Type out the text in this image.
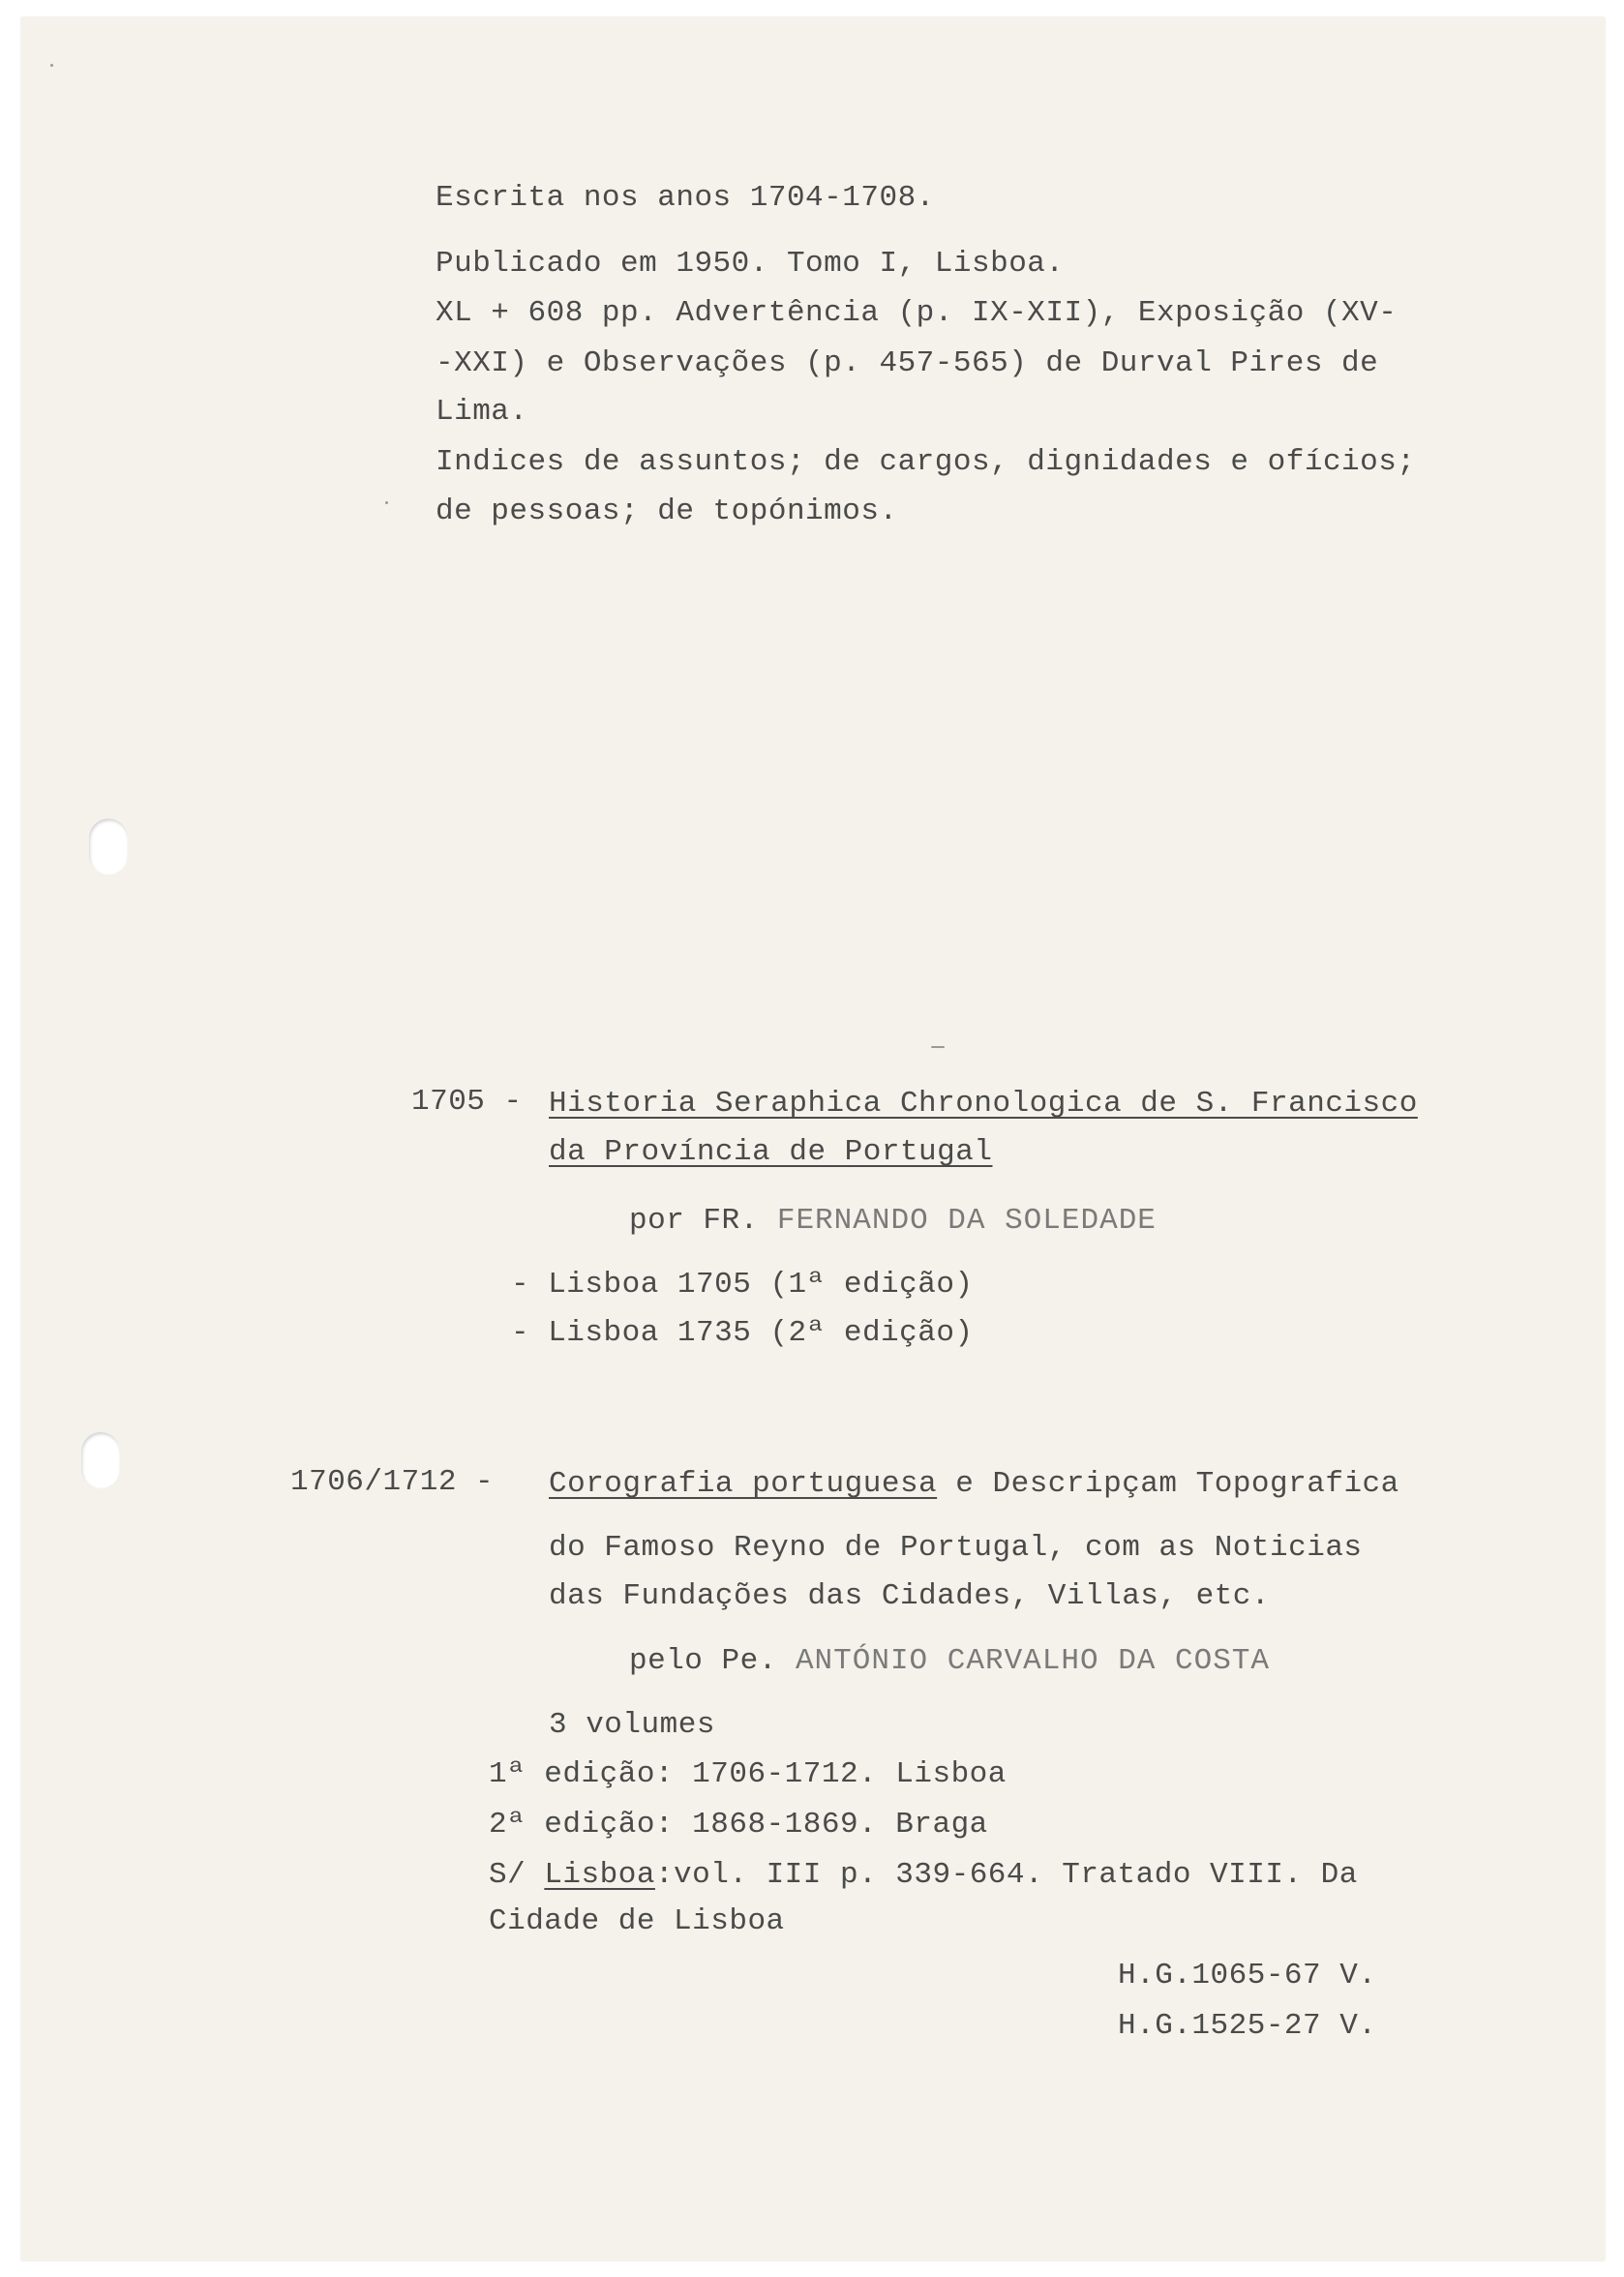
Escrita nos anos 1704-1708.
Publicado em 1950. Tomo I, Lisboa.
XL + 608 pp. Advertência (p. IX-XII), Exposição (XV-
-XXI) e Observações (p. 457-565) de Durval Pires de
Lima.
Indices de assuntos; de cargos, dignidades e ofícios;
de pessoas; de topónimos.
1705 - Historia Seraphica Chronologica de S. Francisco
da Província de Portugal
por FR. FERNANDO DA SOLEDADE
- Lisboa 1705 (1ª edição)
- Lisboa 1735 (2ª edição)
1706/1712 - Corografia portuguesa e Descripçam Topografica
do Famoso Reyno de Portugal, com as Noticias
das Fundações das Cidades, Villas, etc.
pelo Pe. ANTÓNIO CARVALHO DA COSTA
3 volumes
1ª edição: 1706-1712. Lisboa
2ª edição: 1868-1869. Braga
S/ Lisboa:vol. III p. 339-664. Tratado VIII. Da
Cidade de Lisboa
H.G.1065-67 V.
H.G.1525-27 V.
